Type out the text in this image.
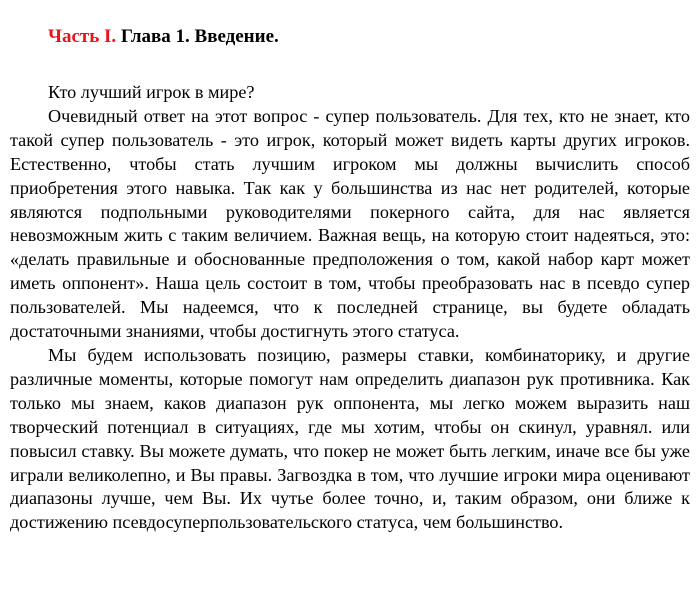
Часть I. Глава 1. Введение.

Кто лучший игрок в мире?

Очевидный ответ на этот вопрос - супер пользователь. Для тех, кто не знает, кто такой супер пользователь - это игрок, который может видеть карты других игроков. Естественно, чтобы стать лучшим игроком мы должны вычислить способ приобретения этого навыка. Так как у большинства из нас нет родителей, которые являются подпольными руководителями покерного сайта, для нас является невозможным жить с таким величием. Важная вещь, на которую стоит надеяться, это: «делать правильные и обоснованные предположения о том, какой набор карт может иметь оппонент». Наша цель состоит в том, чтобы преобразовать нас в псевдо супер пользователей. Мы надеемся, что к последней странице, вы будете обладать достаточными знаниями, чтобы достигнуть этого статуса.

Мы будем использовать позицию, размеры ставки, комбинаторику, и другие различные моменты, которые помогут нам определить диапазон рук противника. Как только мы знаем, каков диапазон рук оппонента, мы легко можем выразить наш творческий потенциал в ситуациях, где мы хотим, чтобы он скинул, уравнял. или повысил ставку. Вы можете думать, что покер не может быть легким, иначе все бы уже играли великолепно, и Вы правы. Загвоздка в том, что лучшие игроки мира оценивают диапазоны лучше, чем Вы. Их чутье более точно, и, таким образом, они ближе к достижению псевдосуперпользовательского статуса, чем большинство.
